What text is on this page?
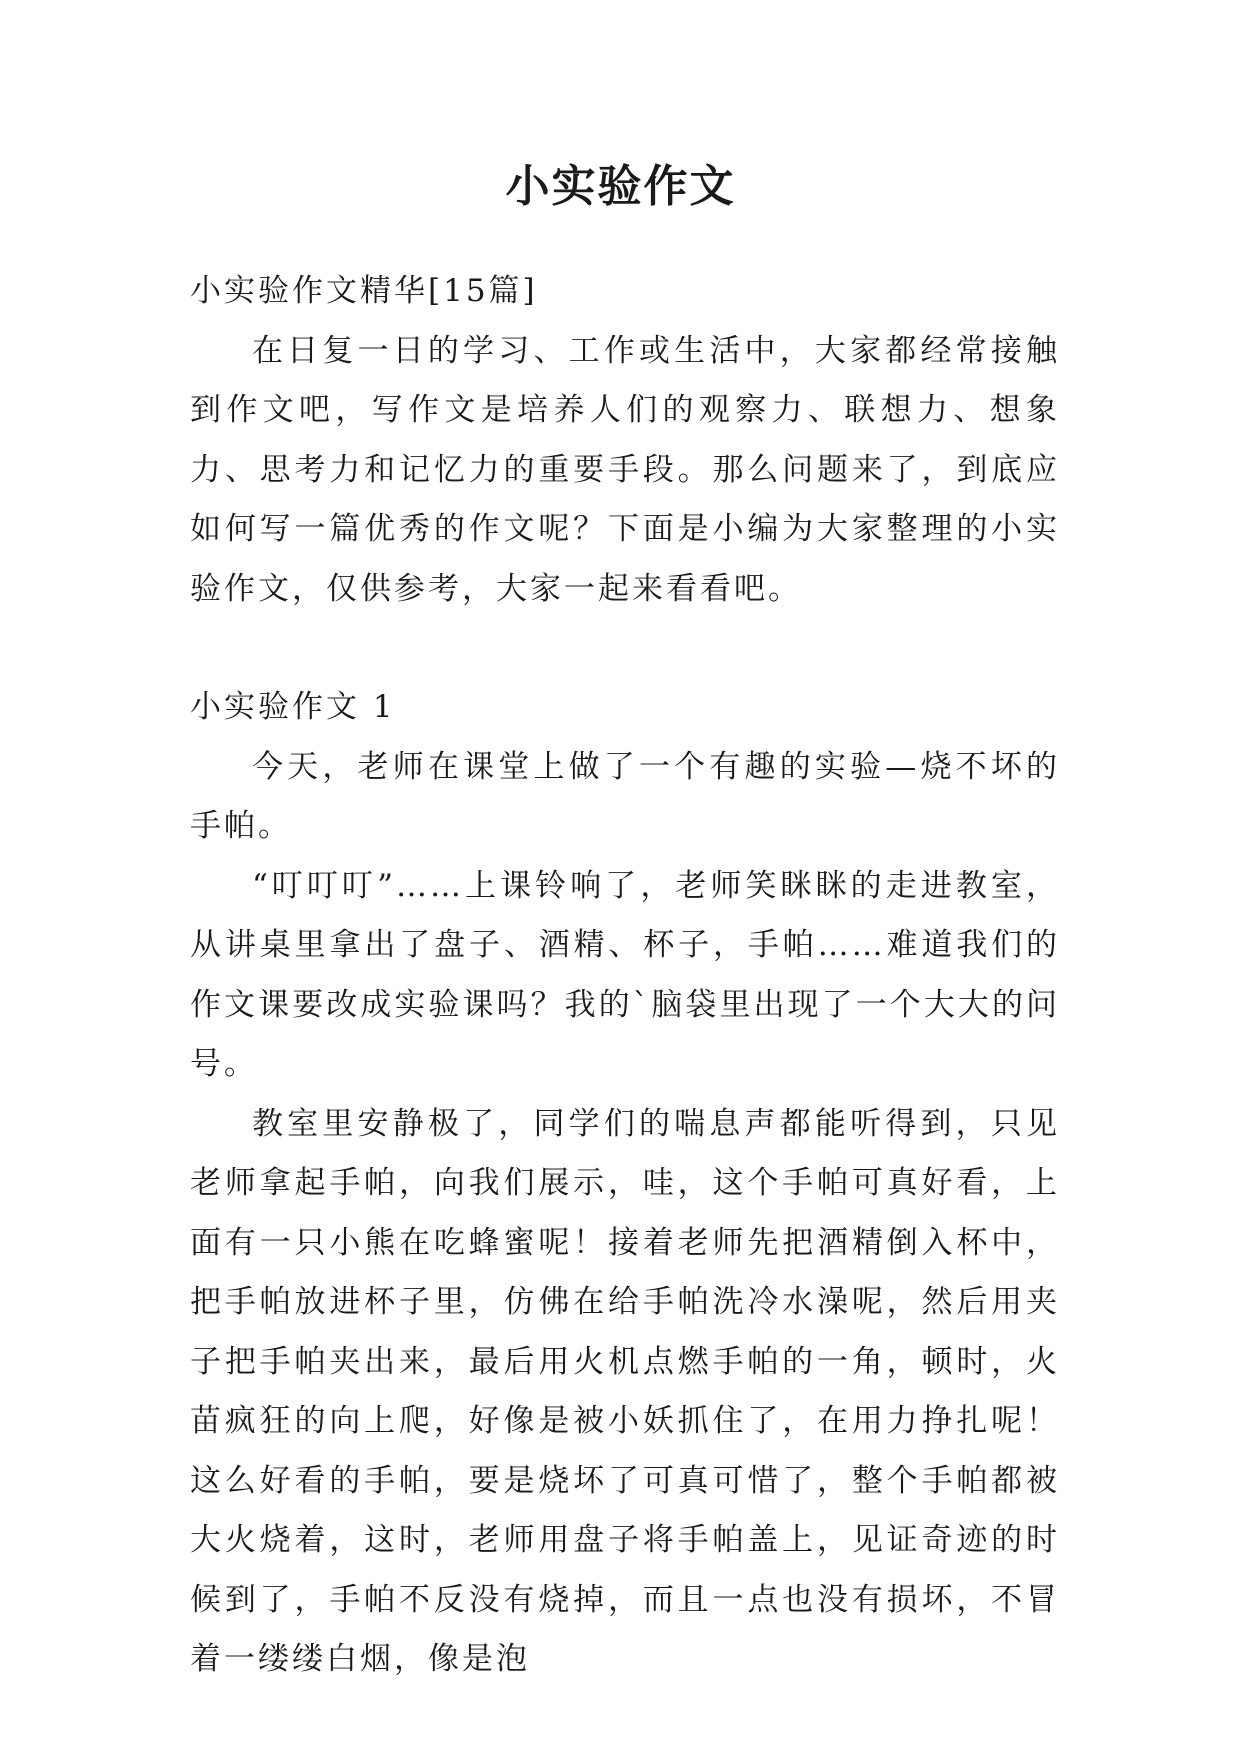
小实验作文

小实验作文精华[15篇]

在日复一日的学习、工作或生活中，大家都经常接触到作文吧，写作文是培养人们的观察力、联想力、想象力、思考力和记忆力的重要手段。那么问题来了，到底应如何写一篇优秀的作文呢？下面是小编为大家整理的小实验作文，仅供参考，大家一起来看看吧。

小实验作文 1

今天，老师在课堂上做了一个有趣的实验—烧不坏的手帕。

“叮叮叮”……上课铃响了，老师笑眯眯的走进教室，从讲桌里拿出了盘子、酒精、杯子，手帕……难道我们的作文课要改成实验课吗？我的`脑袋里出现了一个大大的问号。

教室里安静极了，同学们的喘息声都能听得到，只见老师拿起手帕，向我们展示，哇，这个手帕可真好看，上面有一只小熊在吃蜂蜜呢！接着老师先把酒精倒入杯中，把手帕放进杯子里，仿佛在给手帕洗冷水澡呢，然后用夹子把手帕夹出来，最后用火机点燃手帕的一角，顿时，火苗疯狂的向上爬，好像是被小妖抓住了，在用力挣扎呢！这么好看的手帕，要是烧坏了可真可惜了，整个手帕都被大火烧着，这时，老师用盘子将手帕盖上，见证奇迹的时候到了，手帕不反没有烧掉，而且一点也没有损坏，不冒着一缕缕白烟，像是泡
